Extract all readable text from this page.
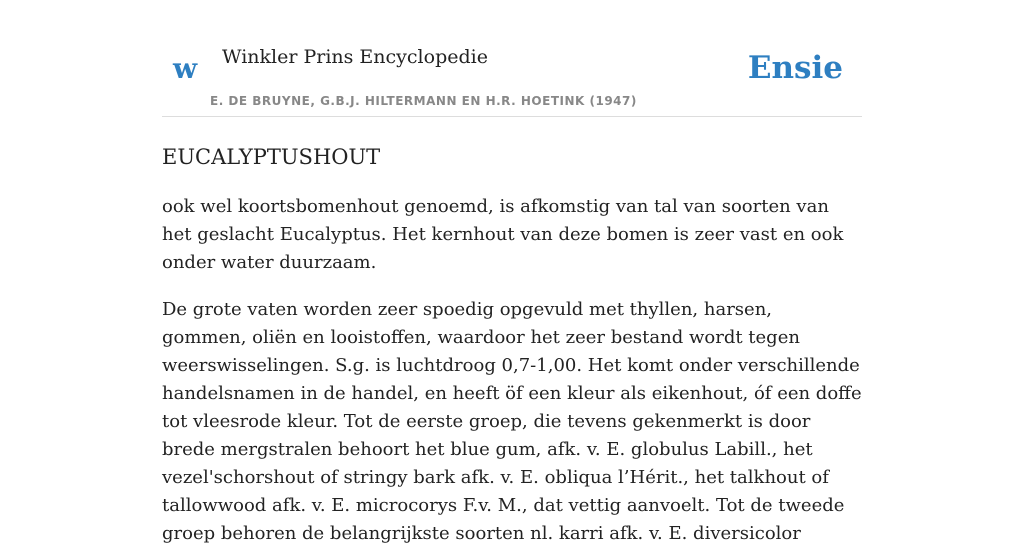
w Winkler Prins Encyclopedie
E. DE BRUYNE, G.B.J. HILTERMANN EN H.R. HOETINK (1947)
Ensie
EUCALYPTUSHOUT

ook wel koortsbomenhout genoemd, is afkomstig van tal van soorten van het geslacht Eucalyptus. Het kernhout van deze bomen is zeer vast en ook onder water duurzaam.

De grote vaten worden zeer spoedig opgevuld met thyllen, harsen, gommen, oliën en looistoffen, waardoor het zeer bestand wordt tegen weerswisselingen. S.g. is luchtdroog 0,7-1,00. Het komt onder verschillende handelsnamen in de handel, en heeft öf een kleur als eikenhout, óf een doffe tot vleesrode kleur. Tot de eerste groep, die tevens gekenmerkt is door brede mergstralen behoort het blue gum, afk. v. E. globulus Labill., het vezel'schorshout of stringy bark afk. v. E. obliqua l’Hérit., het talkhout of tallowwood afk. v. E. microcorys F.v. M., dat vettig aanvoelt. Tot de tweede groep behoren de belangrijkste soorten nl. karri afk. v. E. diversicolor
